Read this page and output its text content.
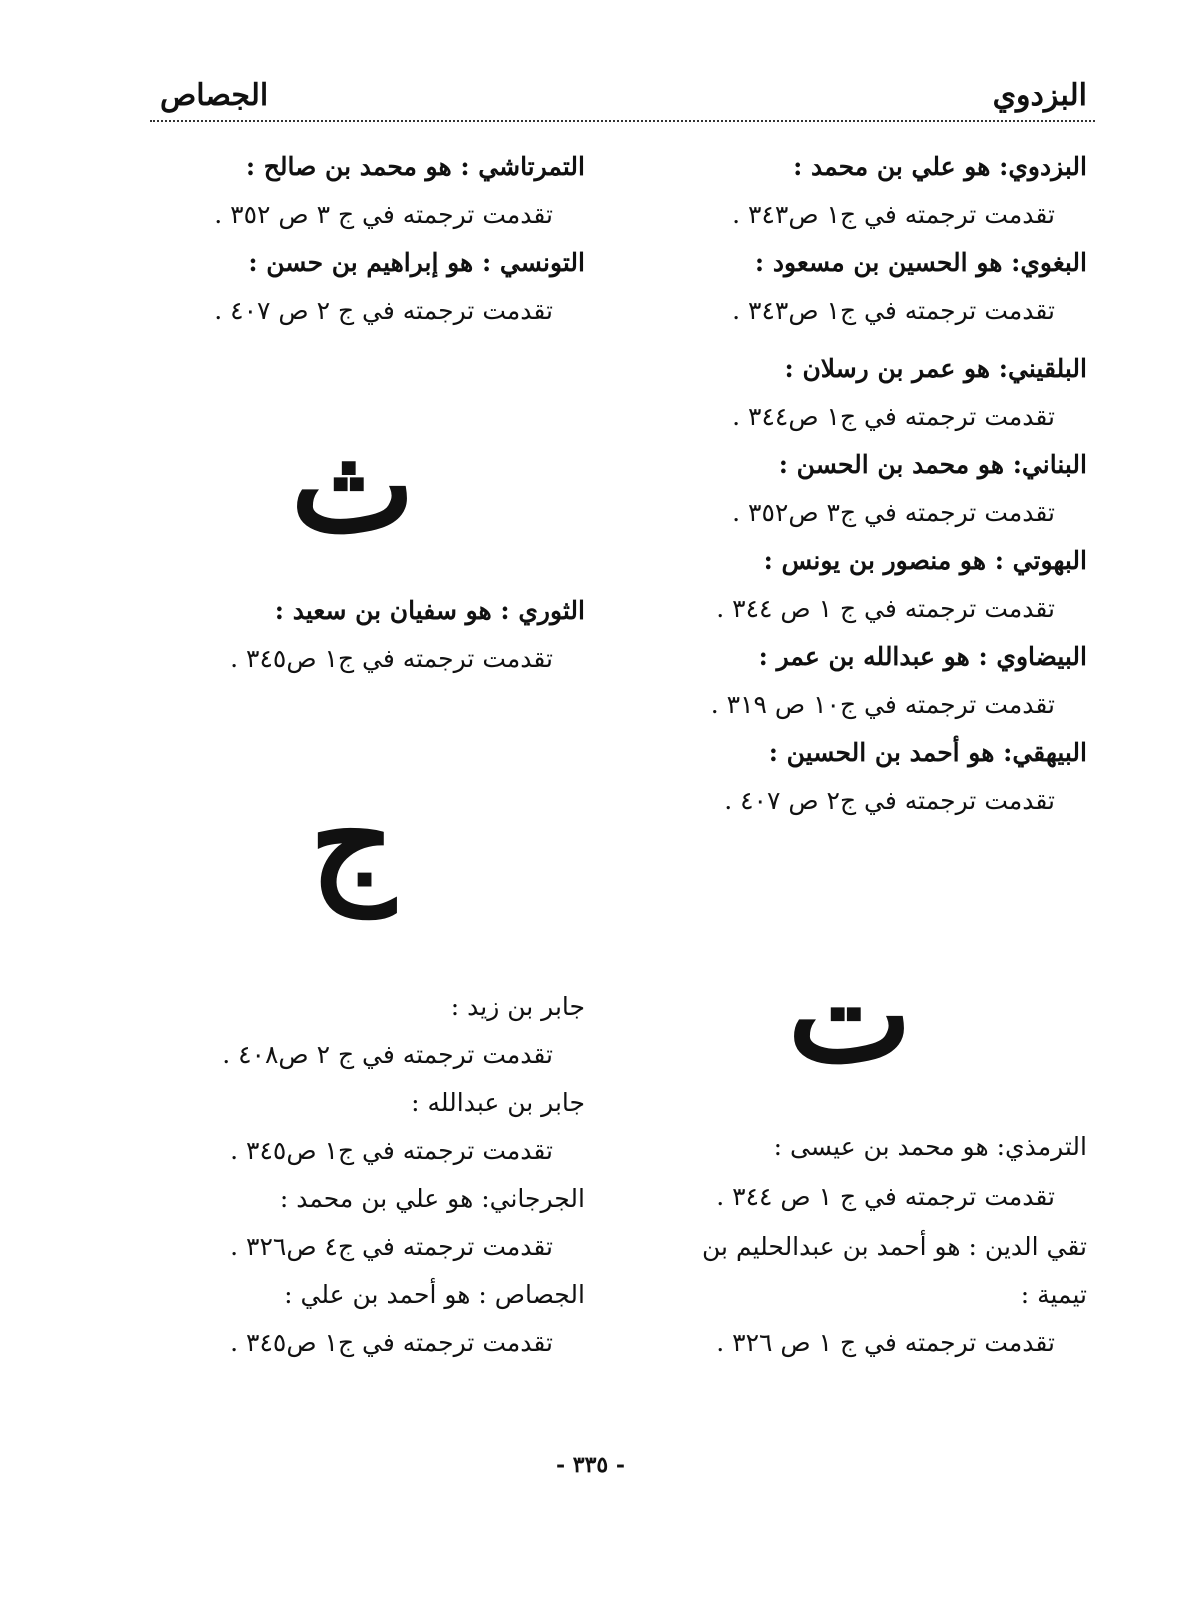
البزدوي
الجصاص
البزدوي: هو علي بن محمد :
تقدمت ترجمته في ج١ ص٣٤٣ .
البغوي: هو الحسين بن مسعود :
تقدمت ترجمته في ج١ ص٣٤٣ .
البلقيني: هو عمر بن رسلان :
تقدمت ترجمته في ج١ ص٣٤٤ .
البناني: هو محمد بن الحسن :
تقدمت ترجمته في ج٣ ص٣٥٢ .
البهوتي : هو منصور بن يونس :
تقدمت ترجمته في ج ١ ص ٣٤٤ .
البيضاوي : هو عبدالله بن عمر :
تقدمت ترجمته في ج١٠ ص ٣١٩ .
البيهقي: هو أحمد بن الحسين :
تقدمت ترجمته في ج٢ ص ٤٠٧ .
ت
الترمذي: هو محمد بن عيسى :
تقدمت ترجمته في ج ١ ص ٣٤٤ .
تقي الدين : هو أحمد بن عبدالحليم بن
تيمية :
تقدمت ترجمته في ج ١ ص ٣٢٦ .
التمرتاشي : هو محمد بن صالح :
تقدمت ترجمته في ج ٣ ص ٣٥٢ .
التونسي : هو إبراهيم بن حسن :
تقدمت ترجمته في ج ٢ ص ٤٠٧ .
ث
الثوري : هو سفيان بن سعيد :
تقدمت ترجمته في ج١ ص٣٤٥ .
ج
جابر بن زيد :
تقدمت ترجمته في ج ٢ ص٤٠٨ .
جابر بن عبدالله :
تقدمت ترجمته في ج١ ص٣٤٥ .
الجرجاني: هو علي بن محمد :
تقدمت ترجمته في ج٤ ص٣٢٦ .
الجصاص : هو أحمد بن علي :
تقدمت ترجمته في ج١ ص٣٤٥ .
- ٣٣٥ -
